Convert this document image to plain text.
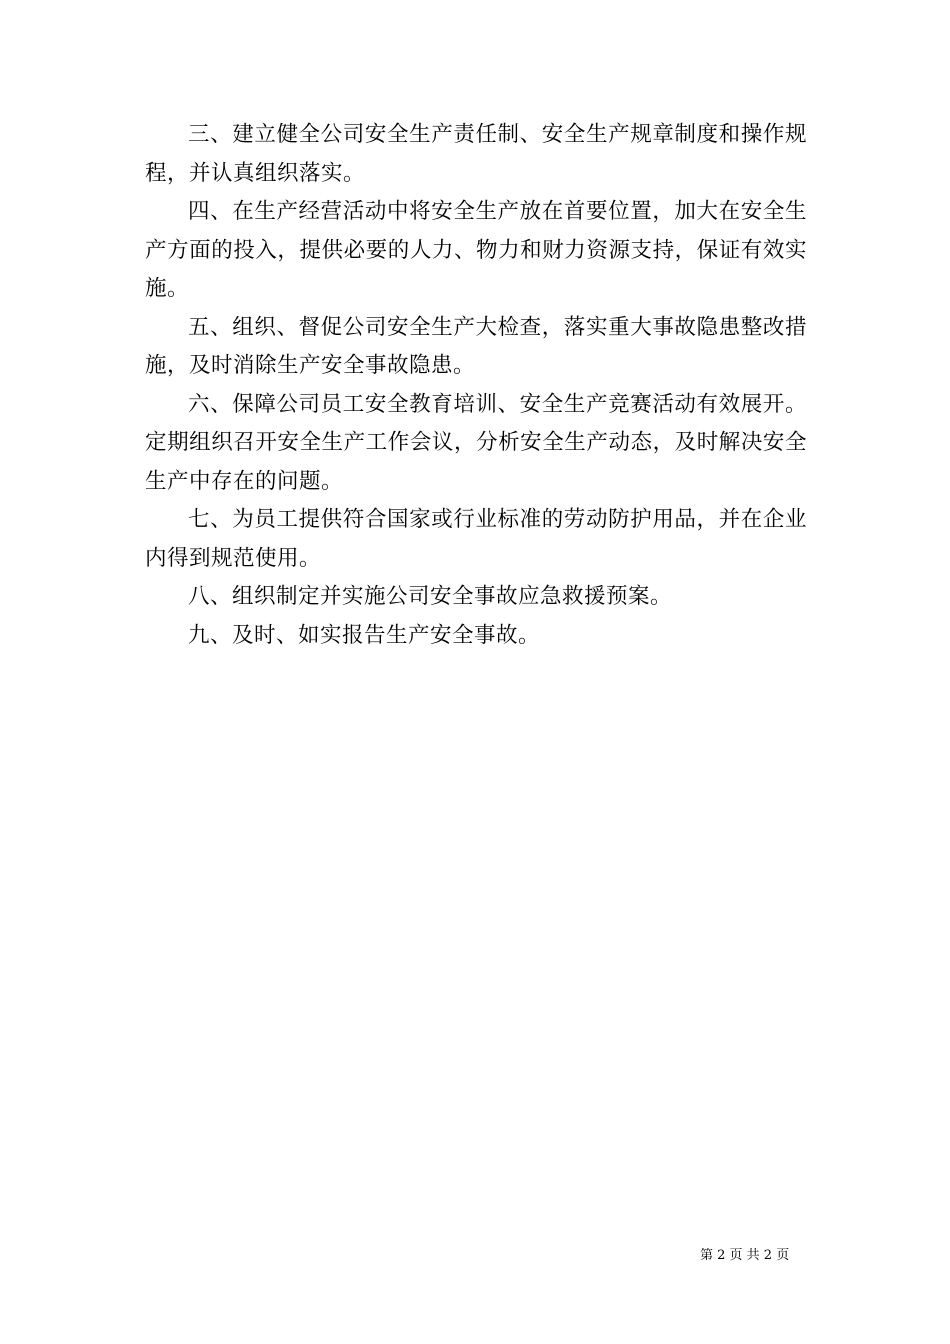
三、建立健全公司安全生产责任制、安全生产规章制度和操作规程，并认真组织落实。

四、在生产经营活动中将安全生产放在首要位置，加大在安全生产方面的投入，提供必要的人力、物力和财力资源支持，保证有效实施。

五、组织、督促公司安全生产大检查，落实重大事故隐患整改措施，及时消除生产安全事故隐患。

六、保障公司员工安全教育培训、安全生产竞赛活动有效展开。定期组织召开安全生产工作会议，分析安全生产动态，及时解决安全生产中存在的问题。

七、为员工提供符合国家或行业标准的劳动防护用品，并在企业内得到规范使用。

八、组织制定并实施公司安全事故应急救援预案。

九、及时、如实报告生产安全事故。

第 2 页 共 2 页
